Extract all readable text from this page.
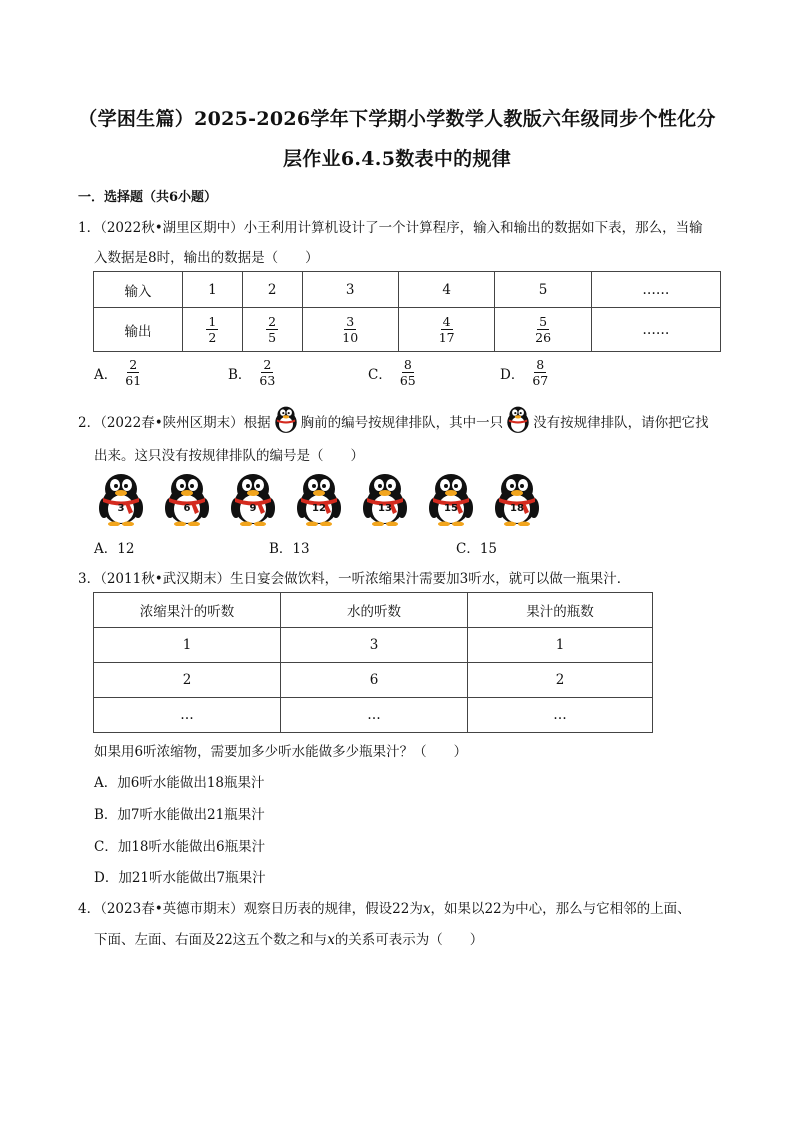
（学困生篇）2025-2026学年下学期小学数学人教版六年级同步个性化分
层作业6.4.5数表中的规律
一．选择题（共6小题）
1．（2022秋•湖里区期中）小王利用计算机设计了一个计算程序，输入和输出的数据如下表，那么，当输
入数据是8时，输出的数据是（　　）
输入	1	2	3	4	5	……
输出	$\frac{1}{2}$	$\frac{2}{5}$	$\frac{3}{10}$	$\frac{4}{17}$	$\frac{5}{26}$	……
A． $\frac{2}{61}$	B． $\frac{2}{63}$	C． $\frac{8}{65}$	D． $\frac{8}{67}$
2．（2022春•陕州区期末）根据 胸前的编号按规律排队，其中一只 没有按规律排队，请你把它找
出来。这只没有按规律排队的编号是（　　）
3	6	9	12	13	15	18
A．12	B．13	C．15
3．（2011秋•武汉期末）生日宴会做饮料，一听浓缩果汁需要加3听水，就可以做一瓶果汁．
浓缩果汁的听数	水的听数	果汁的瓶数
1	3	1
2	6	2
…	…	…
如果用6听浓缩物，需要加多少听水能做多少瓶果汁？（　　）
A．加6听水能做出18瓶果汁
B．加7听水能做出21瓶果汁
C．加18听水能做出6瓶果汁
D．加21听水能做出7瓶果汁
4．（2023春•英德市期末）观察日历表的规律，假设22为x，如果以22为中心，那么与它相邻的上面、
下面、左面、右面及22这五个数之和与x的关系可表示为（　　）
